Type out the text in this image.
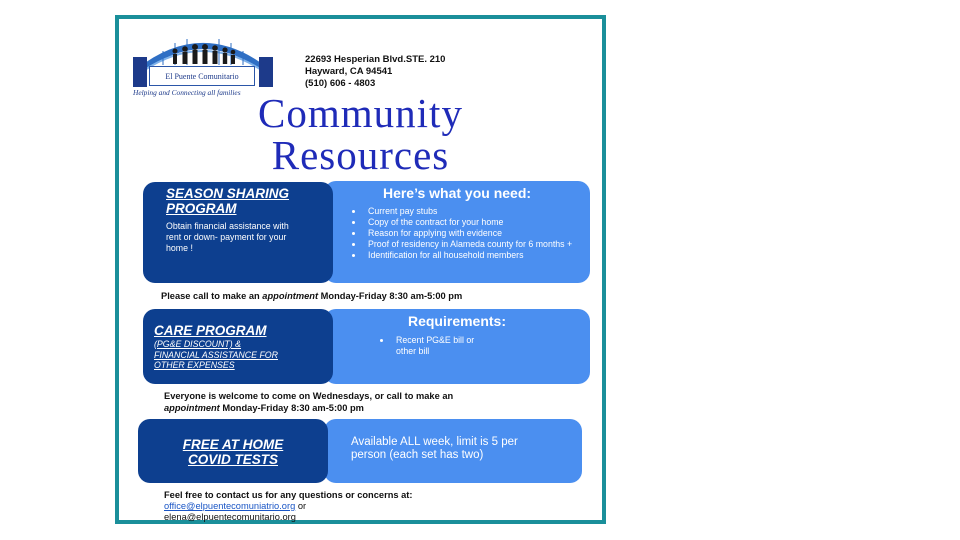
El Puente Comunitario
Helping and Connecting all families
22693 Hesperian Blvd.STE. 210
Hayward, CA 94541
(510) 606 - 4803
Community
Resources
Here’s what you need:
• Current pay stubs
• Copy of the contract for your home
• Reason for applying with evidence
• Proof of residency in Alameda county for 6 months +
• Identification for all household members
SEASON SHARING
PROGRAM
Obtain financial assistance with rent or down- payment for your home !
Please call to make an appointment Monday-Friday 8:30 am-5:00 pm
Requirements:
• Recent PG&E bill or other bill
CARE PROGRAM
(PG&E DISCOUNT) &
FINANCIAL ASSISTANCE FOR
OTHER EXPENSES
Everyone is welcome to come on Wednesdays, or call to make an
appointment Monday-Friday 8:30 am-5:00 pm
Available ALL week, limit is 5 per person (each set has two)
FREE AT HOME
COVID TESTS
Feel free to contact us for any questions or concerns at:
office@elpuentecomuniatrio.org or
elena@elpuentecomunitario.org
